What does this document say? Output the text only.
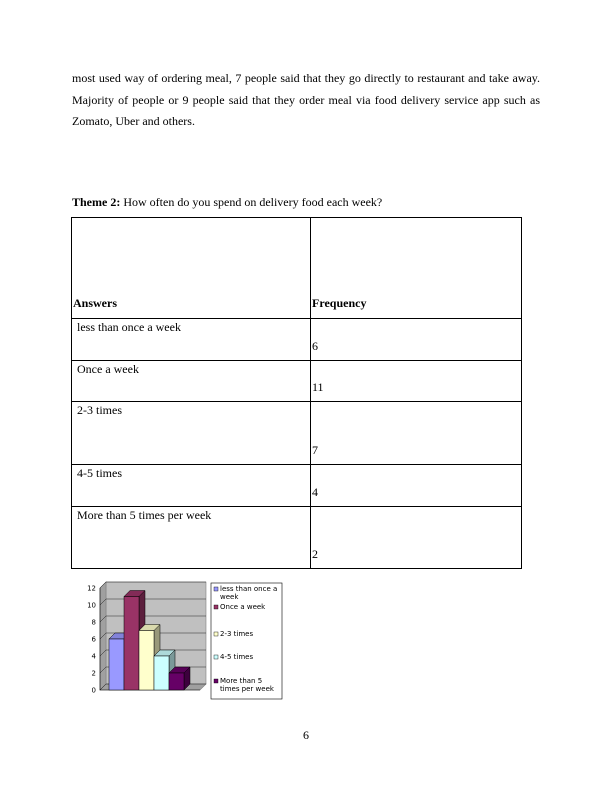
most used way of ordering meal, 7 people said that they go directly to restaurant and take away. Majority of people or 9 people said that they order meal via food delivery service app such as Zomato, Uber and others.
Theme 2: How often do you spend on delivery food each week?
Answers	Frequency

less than once a week	6

Once a week	11

2-3 times	7

4-5 times	4

More than 5 times per week	2
0
2
4
6
8
10
12	less than once a
week
Once a week
2-3 times
4-5 times
More than 5
times per week
6
